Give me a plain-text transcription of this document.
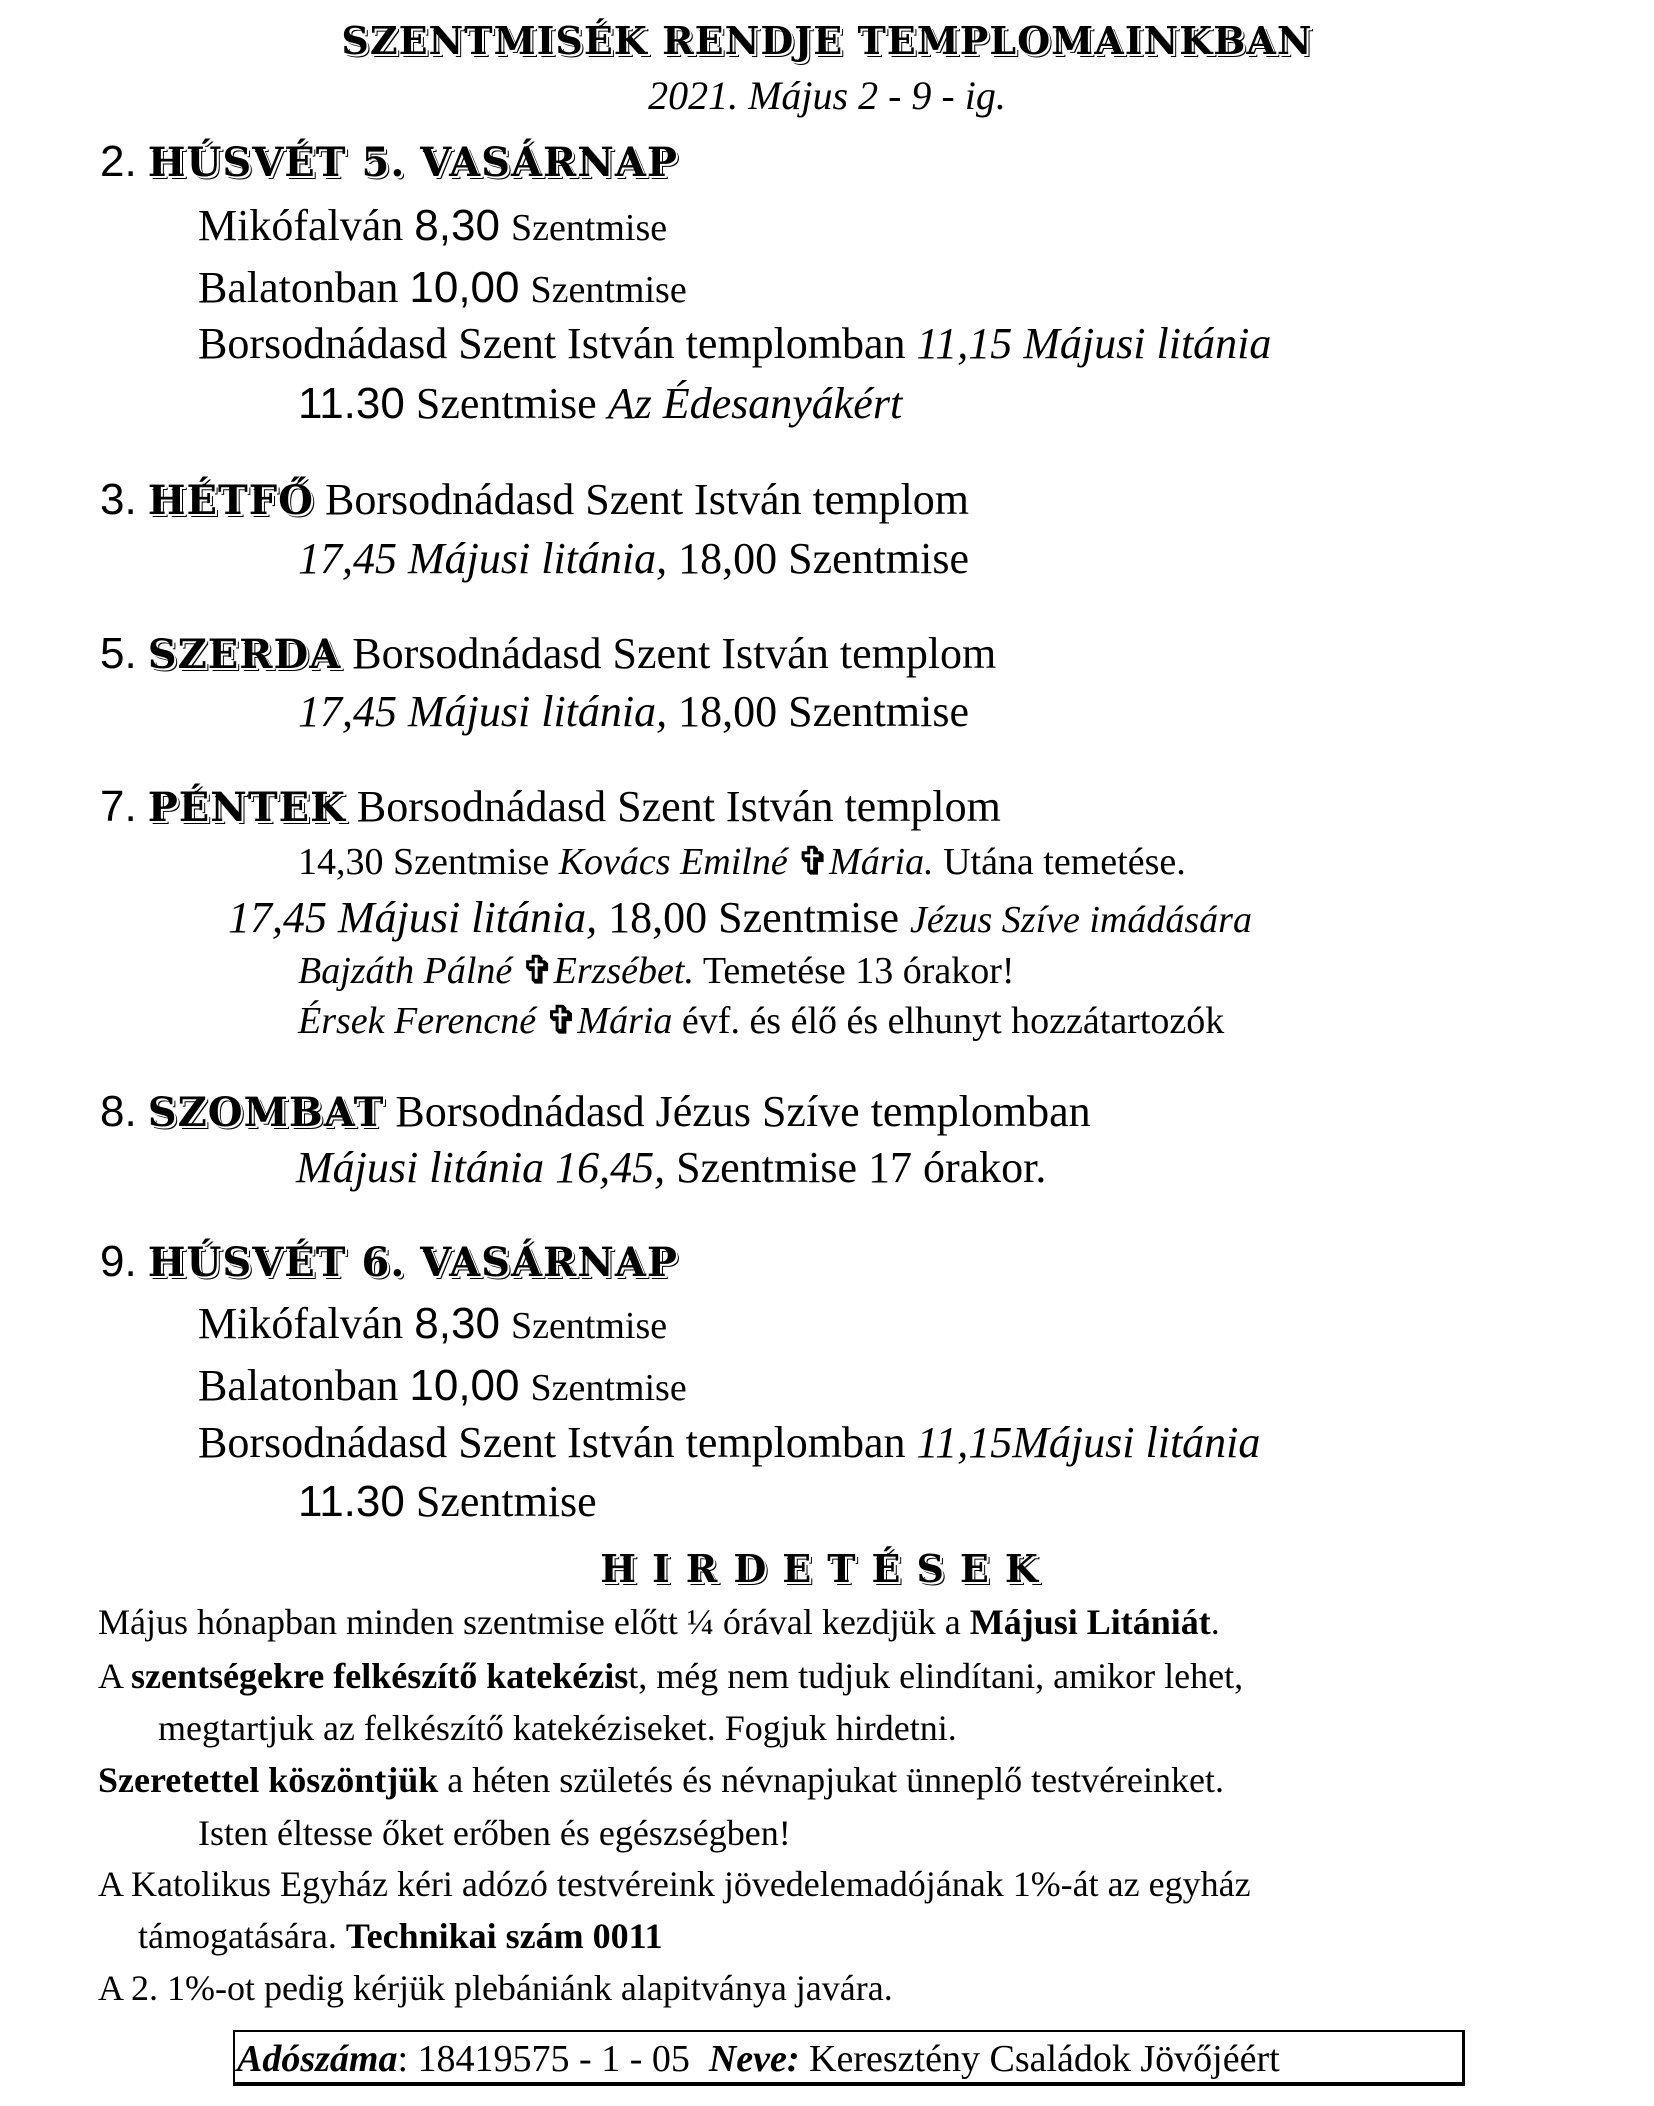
SZENTMISÉK RENDJE TEMPLOMAINKBAN
2021. Május 2 - 9 - ig.
2. HÚSVÉT 5. VASÁRNAP
Mikófalván 8,30 Szentmise
Balatonban 10,00 Szentmise
Borsodnádasd Szent István templomban 11,15 Májusi litánia
11.30 Szentmise Az Édesanyákért
3. HÉTFŐ Borsodnádasd Szent István templom
17,45 Májusi litánia, 18,00 Szentmise
5. SZERDA Borsodnádasd Szent István templom
17,45 Májusi litánia, 18,00 Szentmise
7. PÉNTEK Borsodnádasd Szent István templom
14,30 Szentmise Kovács Emilné ✞Mária. Utána temetése.
17,45 Májusi litánia, 18,00 Szentmise Jézus Szíve imádására
Bajzáth Pálné ✞Erzsébet. Temetése 13 órakor!
Érsek Ferencné ✞Mária évf. és élő és elhunyt hozzátartozók
8. SZOMBAT Borsodnádasd Jézus Szíve templomban
Májusi litánia 16,45, Szentmise 17 órakor.
9. HÚSVÉT 6. VASÁRNAP
Mikófalván 8,30 Szentmise
Balatonban 10,00 Szentmise
Borsodnádasd Szent István templomban 11,15Májusi litánia
11.30 Szentmise
HIRDETÉSEK
Május hónapban minden szentmise előtt ¼ órával kezdjük a Májusi Litániát.
A szentségekre felkészítő katekézist, még nem tudjuk elindítani, amikor lehet,
megtartjuk az felkészítő katekéziseket. Fogjuk hirdetni.
Szeretettel köszöntjük a héten születés és névnapjukat ünneplő testvéreinket.
Isten éltesse őket erőben és egészségben!
A Katolikus Egyház kéri adózó testvéreink jövedelemadójának 1%-át az egyház
támogatására. Technikai szám 0011
A 2. 1%-ot pedig kérjük plebániánk alapitványa javára.
Adószáma: 18419575 - 1 - 05 Neve: Keresztény Családok Jövőjéért
